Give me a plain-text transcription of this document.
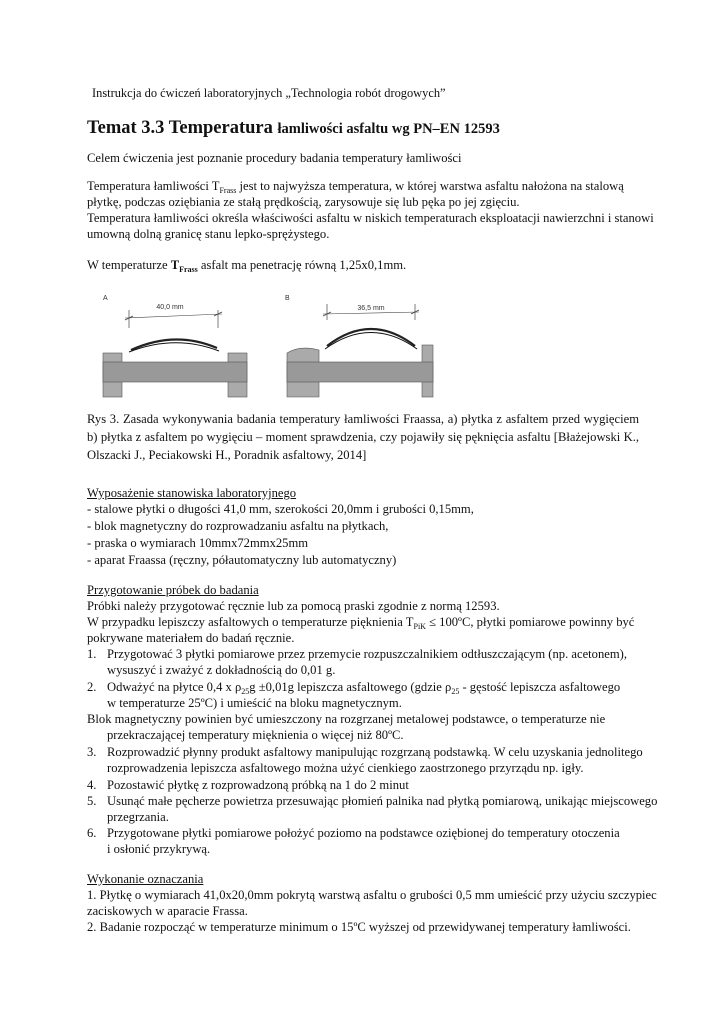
Instrukcja do ćwiczeń laboratoryjnych „Technologia robót drogowych”
Temat 3.3 Temperatura łamliwości asfaltu wg PN–EN 12593
Celem ćwiczenia jest poznanie procedury badania temperatury łamliwości
Temperatura łamliwości $T_{Frass}$ jest to najwyższa temperatura, w której warstwa asfaltu nałożona na stalową
płytkę, podczas oziębiania ze stałą prędkością, zarysowuje się lub pęka po jej zgięciu.
Temperatura łamliwości określa właściwości asfaltu w niskich temperaturach eksploatacji nawierzchni i stanowi
umowną dolną granicę stanu lepko-sprężystego.
W temperaturze $T_{Frass}$ asfalt ma penetrację równą 1,25x0,1mm.
A	B
40,0 mm	36,5 mm
Rys 3. Zasada wykonywania badania temperatury łamliwości Fraassa, a) płytka z asfaltem przed wygięciem b) płytka z asfaltem po wygięciu – moment sprawdzenia, czy pojawiły się pęknięcia asfaltu [Błażejowski K., Olszacki J., Peciakowski H., Poradnik asfaltowy, 2014]
Wyposażenie stanowiska laboratoryjnego
- stalowe płytki o długości 41,0 mm, szerokości 20,0mm i grubości 0,15mm,
- blok magnetyczny do rozprowadzaniu asfaltu na płytkach,
- praska o wymiarach 10mmx72mmx25mm
- aparat Fraassa (ręczny, półautomatyczny lub automatyczny)
Przygotowanie próbek do badania
Próbki należy przygotować ręcznie lub za pomocą praski zgodnie z normą 12593.
W przypadku lepiszczy asfaltowych o temperaturze pięknienia $T_{PiK}$ ≤ 100ºC, płytki pomiarowe powinny być
pokrywane materiałem do badań ręcznie.
1. Przygotować 3 płytki pomiarowe przez przemycie rozpuszczalnikiem odtłuszczającym (np. acetonem),
wysuszyć i zważyć z dokładnością do 0,01 g.
2. Odważyć na płytce 0,4 x $\rho_{25}g \pm 0,01g$ lepiszcza asfaltowego (gdzie $\rho_{25}$ - gęstość lepiszcza asfaltowego
w temperaturze 25ºC) i umieścić na bloku magnetycznym.
Blok magnetyczny powinien być umieszczony na rozgrzanej metalowej podstawce, o temperaturze nie
przekraczającej temperatury mięknienia o więcej niż 80ºC.
3. Rozprowadzić płynny produkt asfaltowy manipulując rozgrzaną podstawką. W celu uzyskania jednolitego
rozprowadzenia lepiszcza asfaltowego można użyć cienkiego zaostrzonego przyrządu np. igły.
4. Pozostawić płytkę z rozprowadzoną próbką na 1 do 2 minut
5. Usunąć małe pęcherze powietrza przesuwając płomień palnika nad płytką pomiarową, unikając miejscowego
przegrzania.
6. Przygotowane płytki pomiarowe położyć poziomo na podstawce oziębionej do temperatury otoczenia
i osłonić przykrywą.
Wykonanie oznaczania
1. Płytkę o wymiarach 41,0x20,0mm pokrytą warstwą asfaltu o grubości 0,5 mm umieścić przy użyciu szczypiec
zaciskowych w aparacie Frassa.
2. Badanie rozpocząć w temperaturze minimum o 15ºC wyższej od przewidywanej temperatury łamliwości.
